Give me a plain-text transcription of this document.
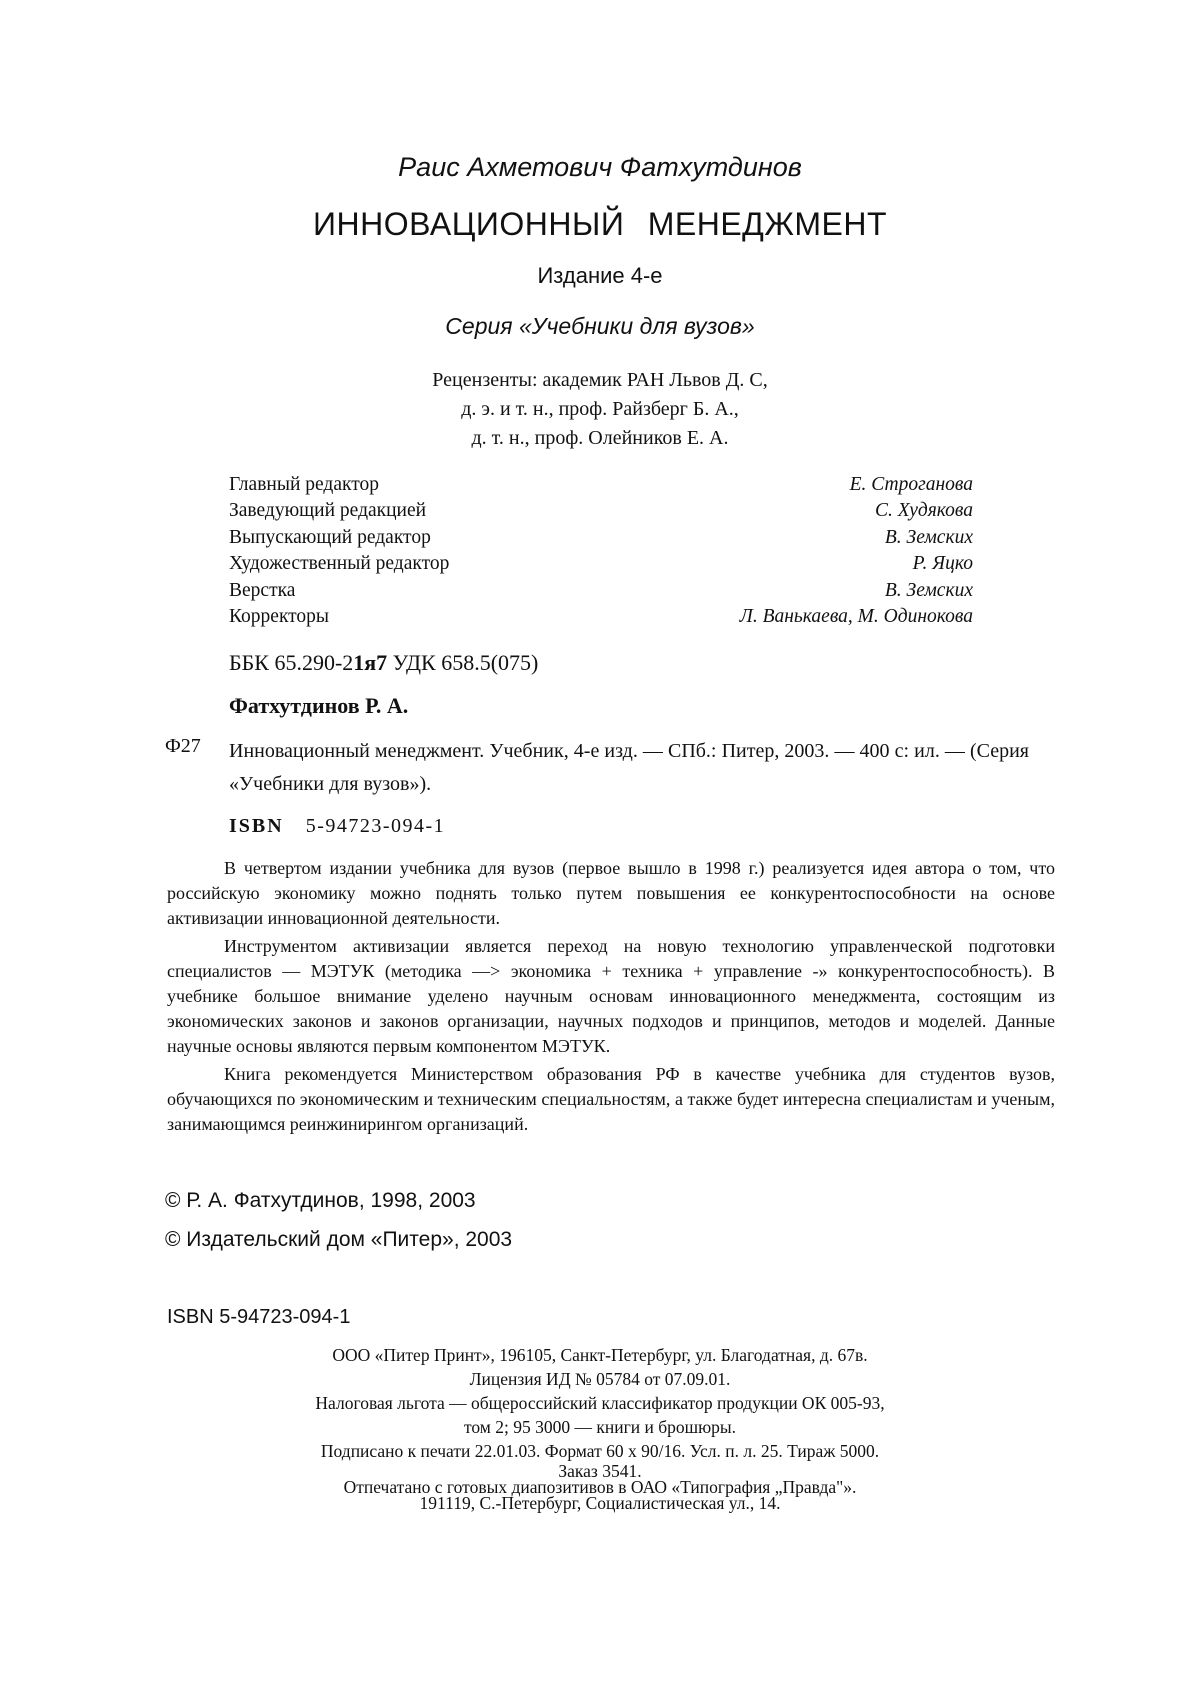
Раис Ахметович Фатхутдинов
ИННОВАЦИОННЫЙ МЕНЕДЖМЕНТ
Издание 4-е
Серия «Учебники для вузов»
Рецензенты: академик РАН Львов Д. С,
д. э. и т. н., проф. Райзберг Б. А.,
д. т. н., проф. Олейников Е. А.
Главный редактор	Е. Строганова
Заведующий редакцией	С. Худякова
Выпускающий редактор	В. Земских
Художественный редактор	Р. Яцко
Верстка	В. Земских
Корректоры	Л. Ванькаева, М. Одинокова
ББК 65.290-21я7 УДК 658.5(075)
Фатхутдинов Р. А.
Ф27 Инновационный менеджмент. Учебник, 4-е изд. — СПб.: Питер, 2003. — 400 с: ил. — (Серия «Учебники для вузов»).
ISBN 5-94723-094-1

В четвертом издании учебника для вузов (первое вышло в 1998 г.) реализуется идея автора о том, что российскую экономику можно поднять только путем повышения ее конкурентоспособности на основе активизации инновационной деятельности.

Инструментом активизации является переход на новую технологию управленческой подготовки специалистов — МЭТУК (методика —> экономика + техника + управление -» конкурентоспособность). В учебнике большое внимание уделено научным основам инновационного менеджмента, состоящим из экономических законов и законов организации, научных подходов и принципов, методов и моделей. Данные научные основы являются первым компонентом МЭТУК.

Книга рекомендуется Министерством образования РФ в качестве учебника для студентов вузов, обучающихся по экономическим и техническим специальностям, а также будет интересна специалистам и ученым, занимающимся реинжинирингом организаций.

© Р. А. Фатхутдинов, 1998, 2003
© Издательский дом «Питер», 2003
ISBN 5-94723-094-1
ООО «Питер Принт», 196105, Санкт-Петербург, ул. Благодатная, д. 67в.
Лицензия ИД № 05784 от 07.09.01.
Налоговая льгота — общероссийский классификатор продукции ОК 005-93,
том 2; 95 3000 — книги и брошюры.
Подписано к печати 22.01.03. Формат 60 x 90/16. Усл. п. л. 25. Тираж 5000.
Заказ 3541.
Отпечатано с готовых диапозитивов в ОАО «Типография „Правда"».
191119, С.-Петербург, Социалистическая ул., 14.
